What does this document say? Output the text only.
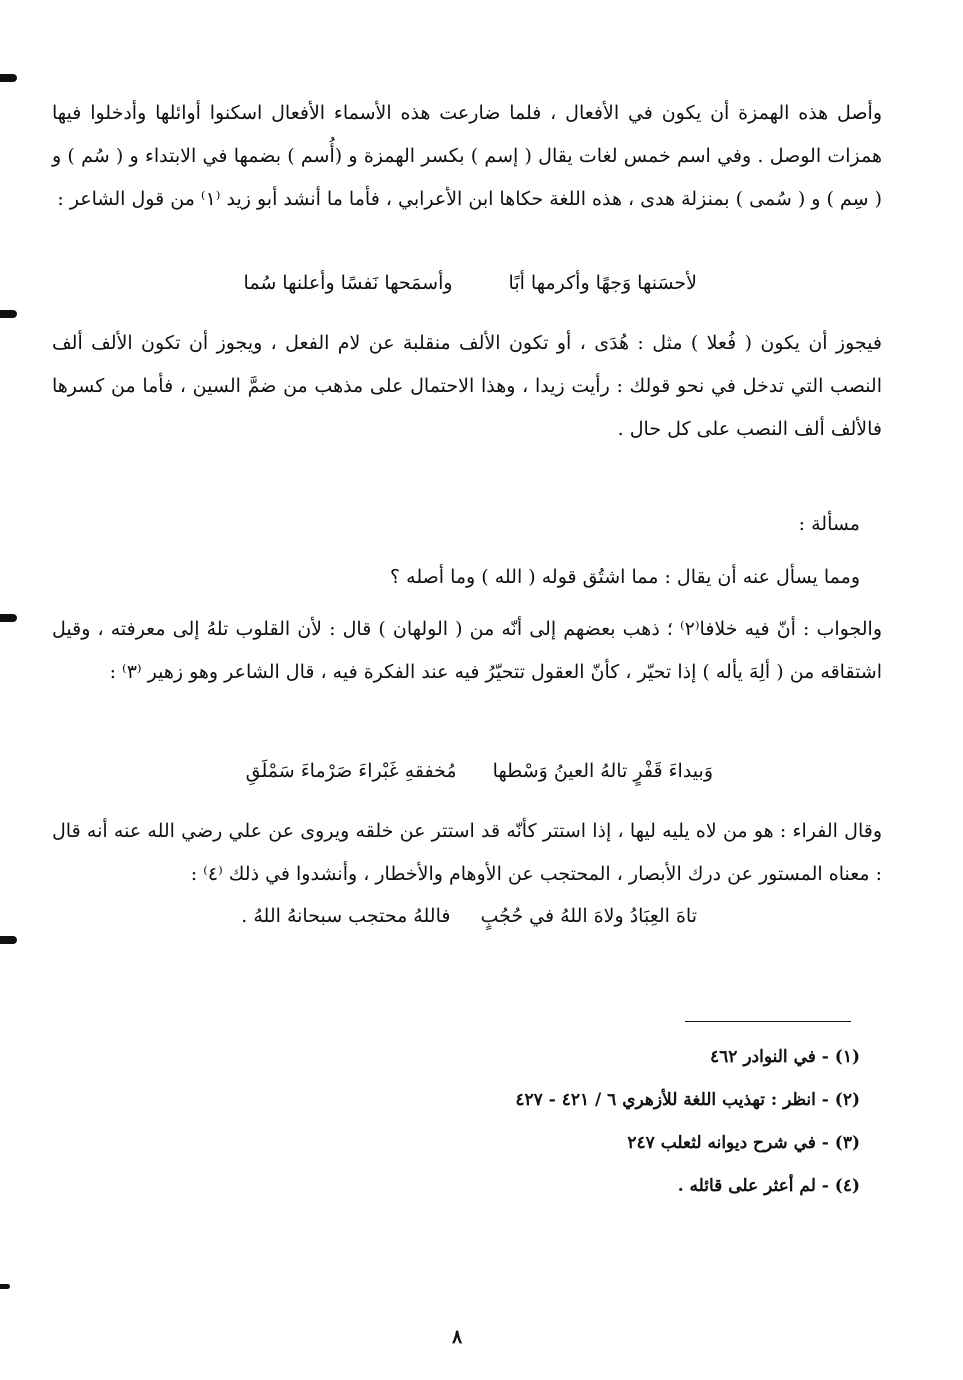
وأصل هذه الهمزة أن يكون في الأفعال ، فلما ضارعت هذه الأسماء الأفعال اسكنوا أوائلها وأدخلوا فيها همزات الوصل . وفي اسم خمس لغات يقال ( إسم ) بكسر الهمزة و (أُسم ) بضمها في الابتداء و ( سُم ) و ( سِم ) و ( سُمى ) بمنزلة هدى ، هذه اللغة حكاها ابن الأعرابي ، فأما ما أنشد أبو زيد ⁽١⁾ من قول الشاعر :
لأحسَنها وَجهًا وأكرمها أبًاوأسمَحها نَفسًا وأعلنها سُما
فيجوز أن يكون ( فُعلا ) مثل : هُدَى ، أو تكون الألف منقلبة عن لام الفعل ، ويجوز أن تكون الألف ألف النصب التي تدخل في نحو قولك : رأيت زيدا ، وهذا الاحتمال على مذهب من ضمَّ السين ، فأما من كسرها فالألف ألف النصب على كل حال .
مسألة :
ومما يسأل عنه أن يقال : مما اشتُق قوله ( الله ) وما أصله ؟
والجواب : أنّ فيه خلافا⁽٢⁾ ؛ ذهب بعضهم إلى أنّه من ( الولهان ) قال : لأن القلوب تلهُ إلى معرفته ، وقيل اشتقاقه من ( ألِهَ يأله ) إذا تحيّر ، كأنّ العقول تتحيّرُ فيه عند الفكرة فيه ، قال الشاعر وهو زهير ⁽٣⁾ :
وَبيداءَ قَفْرٍ تالهُ العينُ وَسْطهامُخفقهِ غَبْراءَ صَرْماءَ سَمْلَقِ
وقال الفراء : هو من لاه يليه ليها ، إذا استتر كأنّه قد استتر عن خلقه ويروى عن علي رضي الله عنه أنه قال : معناه المستور عن درك الأبصار ، المحتجب عن الأوهام والأخطار ، وأنشدوا في ذلك ⁽٤⁾ :
تاهَ العِبَادُ ولاهَ اللهُ في حُجُبٍفاللهُ محتجب سبحانهُ اللهُ .
(١) - في النوادر ٤٦٢
(٢) - انظر : تهذيب اللغة للأزهري ٦ / ٤٢١ - ٤٢٧
(٣) - في شرح ديوانه لثعلب ٢٤٧
(٤) - لم أعثر على قائله .
٨
